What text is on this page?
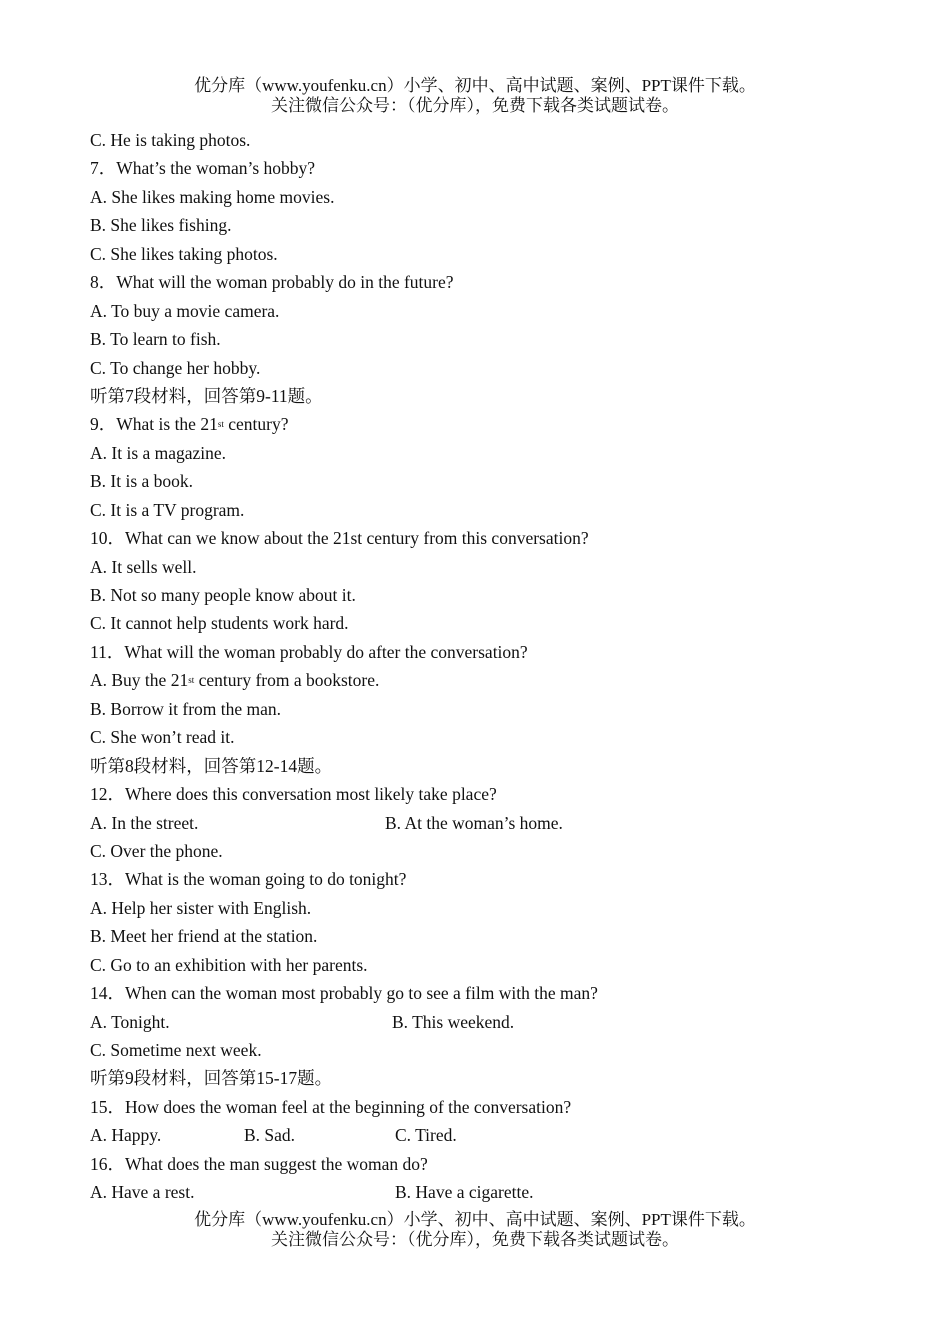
优分库（www.youfenku.cn）小学、初中、高中试题、案例、PPT课件下载。
关注微信公众号：（优分库），免费下载各类试题试卷。
C. He is taking photos.
7．What’s the woman’s hobby?
A. She likes making home movies.
B. She likes fishing.
C. She likes taking photos.
8．What will the woman probably do in the future?
A. To buy a movie camera.
B. To learn to fish.
C. To change her hobby.
听第7段材料，回答第9-11题。
9．What is the 21st century?
A. It is a magazine.
B. It is a book.
C. It is a TV program.
10．What can we know about the 21st century from this conversation?
A. It sells well.
B. Not so many people know about it.
C. It cannot help students work hard.
11．What will the woman probably do after the conversation?
A. Buy the 21st century from a bookstore.
B. Borrow it from the man.
C. She won’t read it.
听第8段材料，回答第12-14题。
12．Where does this conversation most likely take place?
A. In the street.	B. At the woman’s home.
C. Over the phone.
13．What is the woman going to do tonight?
A. Help her sister with English.
B. Meet her friend at the station.
C. Go to an exhibition with her parents.
14．When can the woman most probably go to see a film with the man?
A. Tonight.	B. This weekend.
C. Sometime next week.
听第9段材料，回答第15-17题。
15．How does the woman feel at the beginning of the conversation?
A. Happy.	B. Sad.	C. Tired.
16．What does the man suggest the woman do?
A. Have a rest.	B. Have a cigarette.
优分库（www.youfenku.cn）小学、初中、高中试题、案例、PPT课件下载。
关注微信公众号：（优分库），免费下载各类试题试卷。
